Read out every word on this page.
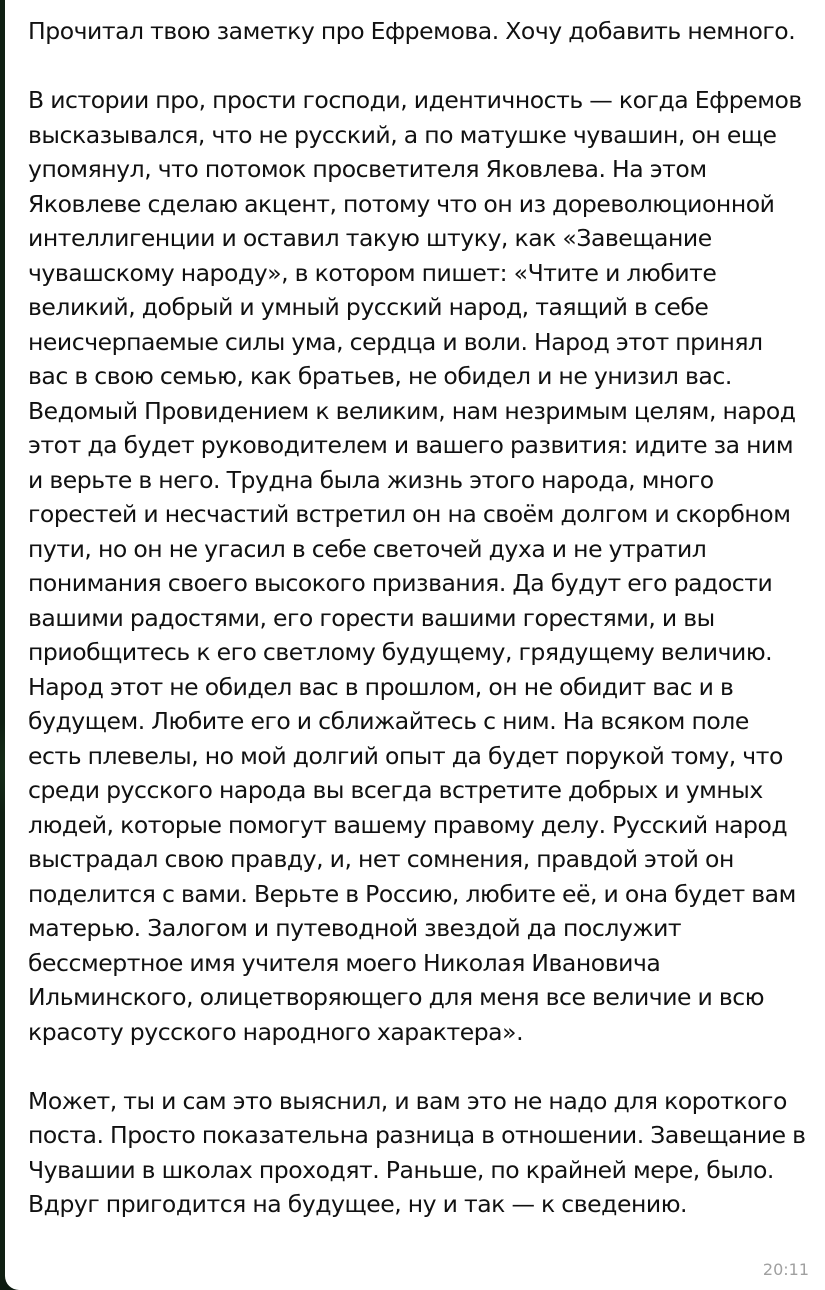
Прочитал твою заметку про Ефремова. Хочу добавить немного.

В истории про, прости господи, идентичность — когда Ефремов высказывался, что не русский, а по матушке чувашин, он еще упомянул, что потомок просветителя Яковлева. На этом Яковлеве сделаю акцент, потому что он из дореволюционной интеллигенции и оставил такую штуку, как «Завещание чувашскому народу», в котором пишет: «Чтите и любите великий, добрый и умный русский народ, таящий в себе неисчерпаемые силы ума, сердца и воли. Народ этот принял вас в свою семью, как братьев, не обидел и не унизил вас. Ведомый Провидением к великим, нам незримым целям, народ этот да будет руководителем и вашего развития: идите за ним и верьте в него. Трудна была жизнь этого народа, много горестей и несчастий встретил он на своём долгом и скорбном пути, но он не угасил в себе светочей духа и не утратил понимания своего высокого призвания. Да будут его радости вашими радостями, его горести вашими горестями, и вы приобщитесь к его светлому будущему, грядущему величию. Народ этот не обидел вас в прошлом, он не обидит вас и в будущем. Любите его и сближайтесь с ним. На всяком поле есть плевелы, но мой долгий опыт да будет порукой тому, что среди русского народа вы всегда встретите добрых и умных людей, которые помогут вашему правому делу. Русский народ выстрадал свою правду, и, нет сомнения, правдой этой он поделится с вами. Верьте в Россию, любите её, и она будет вам матерью. Залогом и путеводной звездой да послужит бессмертное имя учителя моего Николая Ивановича Ильминского, олицетворяющего для меня все величие и всю красоту русского народного характера».

Может, ты и сам это выяснил, и вам это не надо для короткого поста. Просто показательна разница в отношении. Завещание в Чувашии в школах проходят. Раньше, по крайней мере, было. Вдруг пригодится на будущее, ну и так — к сведению.

20:11
